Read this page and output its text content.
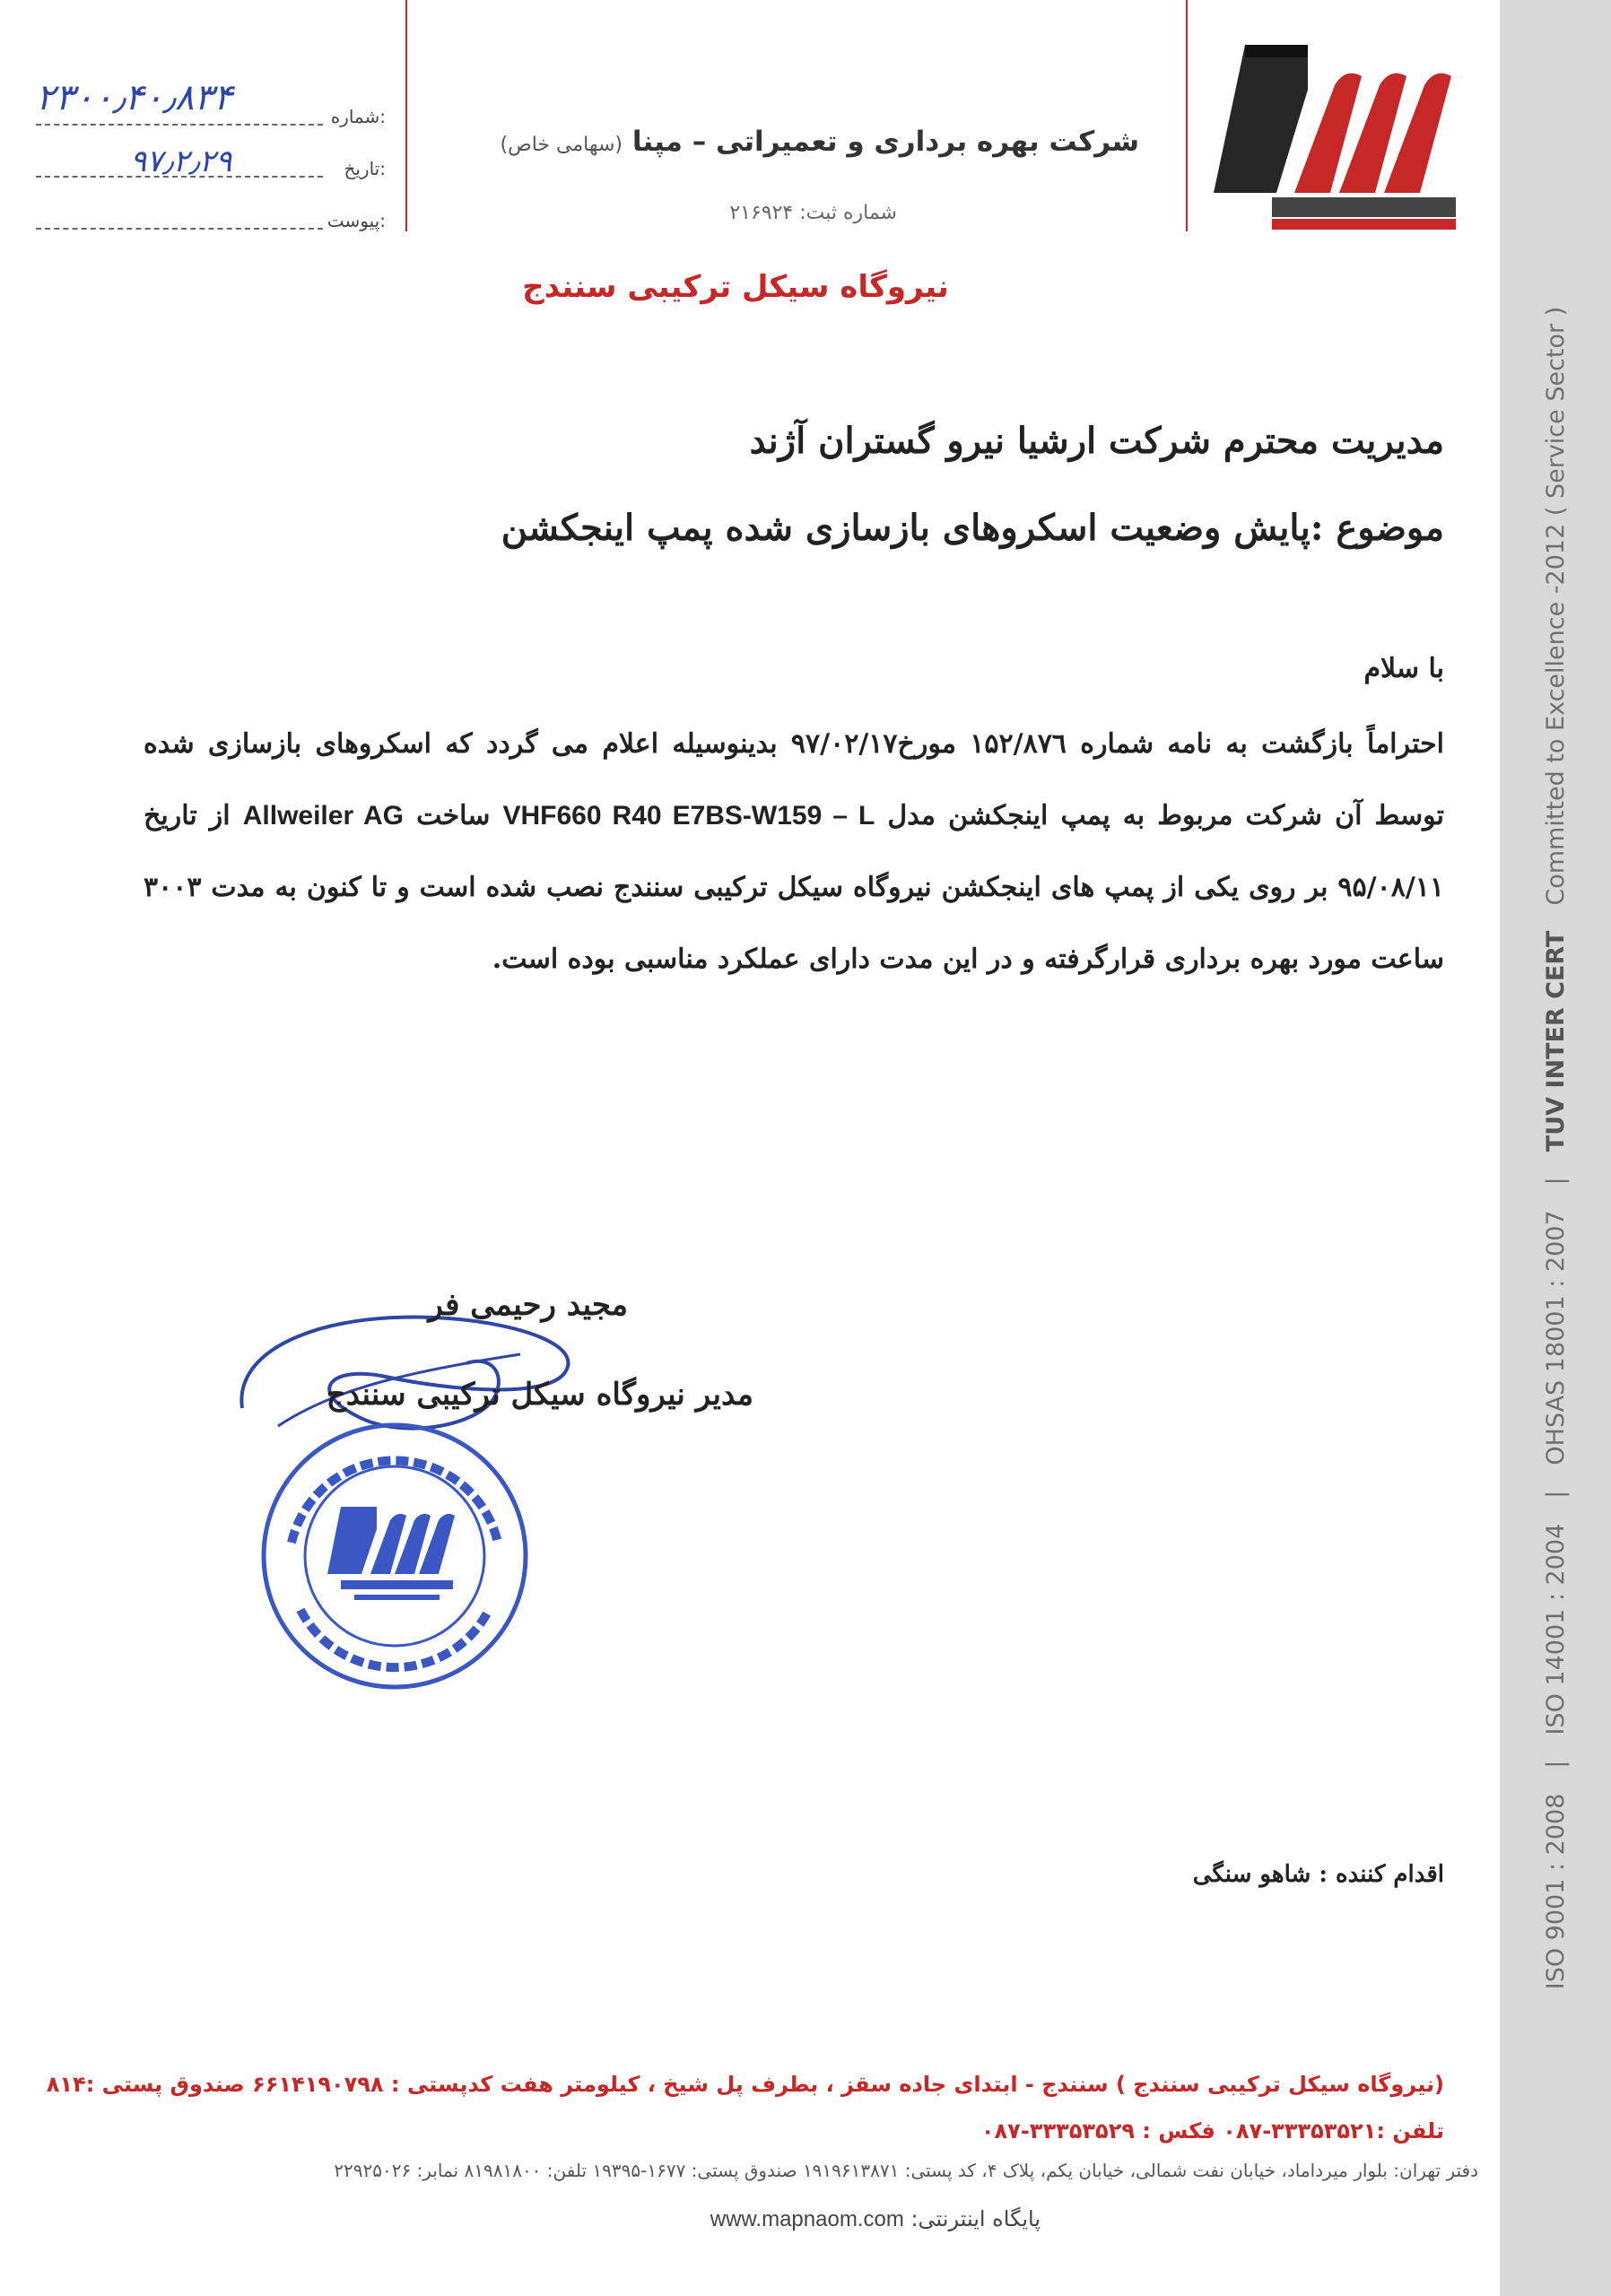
شماره:
تاریخ:
پیوست:
۲۳۰۰٫۴۰٫۸۳۴
۹۷٫۲٫۲۹
شرکت بهره برداری و تعمیراتی – مپنا (سهامی خاص)
شماره ثبت: ۲۱۶۹۲۴
نیروگاه سیکل ترکیبی سنندج
مدیریت محترم شرکت ارشیا نیرو گستران آژند
موضوع :پایش وضعیت اسکروهای بازسازی شده پمپ اینجکشن
با سلام

احتراماً بازگشت به نامه شماره ۱۵۲/۸۷٦ مورخ۹۷/۰۲/۱۷ بدینوسیله اعلام می گردد که اسکروهای بازسازی شده توسط آن شرکت مربوط به پمپ اینجکشن مدل VHF660 R40 E7BS-W159 – L ساخت Allweiler AG از تاریخ ۹۵/۰۸/۱۱ بر روی یکی از پمپ های اینجکشن نیروگاه سیکل ترکیبی سنندج نصب شده است و تا کنون به مدت ۳۰۰۳ ساعت مورد بهره برداری قرارگرفته و در این مدت دارای عملکرد مناسبی بوده است.

مجید رحیمی فر
مدیر نیروگاه سیکل ترکیبی سنندج
اقدام کننده : شاهو سنگی
(نیروگاه سیکل ترکیبی سنندج ) سنندج - ابتدای جاده سقز ، بطرف پل شیخ ، کیلومتر هفت کدپستی : ۶۶۱۴۱۹۰۷۹۸ صندوق پستی :۸۱۴
تلفن :۳۳۳۵۳۵۲۱-۰۸۷ فکس : ۳۳۳۵۳۵۲۹-۰۸۷
دفتر تهران: بلوار میرداماد، خیابان نفت شمالی، خیابان یکم، پلاک ۴، کد پستی: ۱۹۱۹۶۱۳۸۷۱ صندوق پستی: ۱۶۷۷-۱۹۳۹۵ تلفن: ۸۱۹۸۱۸۰۰ نمابر: ۲۲۹۲۵۰۲۶
پایگاه اینترنتی: www.mapnaom.com
ISO 9001 : 2008
|
ISO 14001 : 2004
|
OHSAS 18001 : 2007
|
TUV INTER CERT
Committed to Excellence -2012 ( Service Sector )
